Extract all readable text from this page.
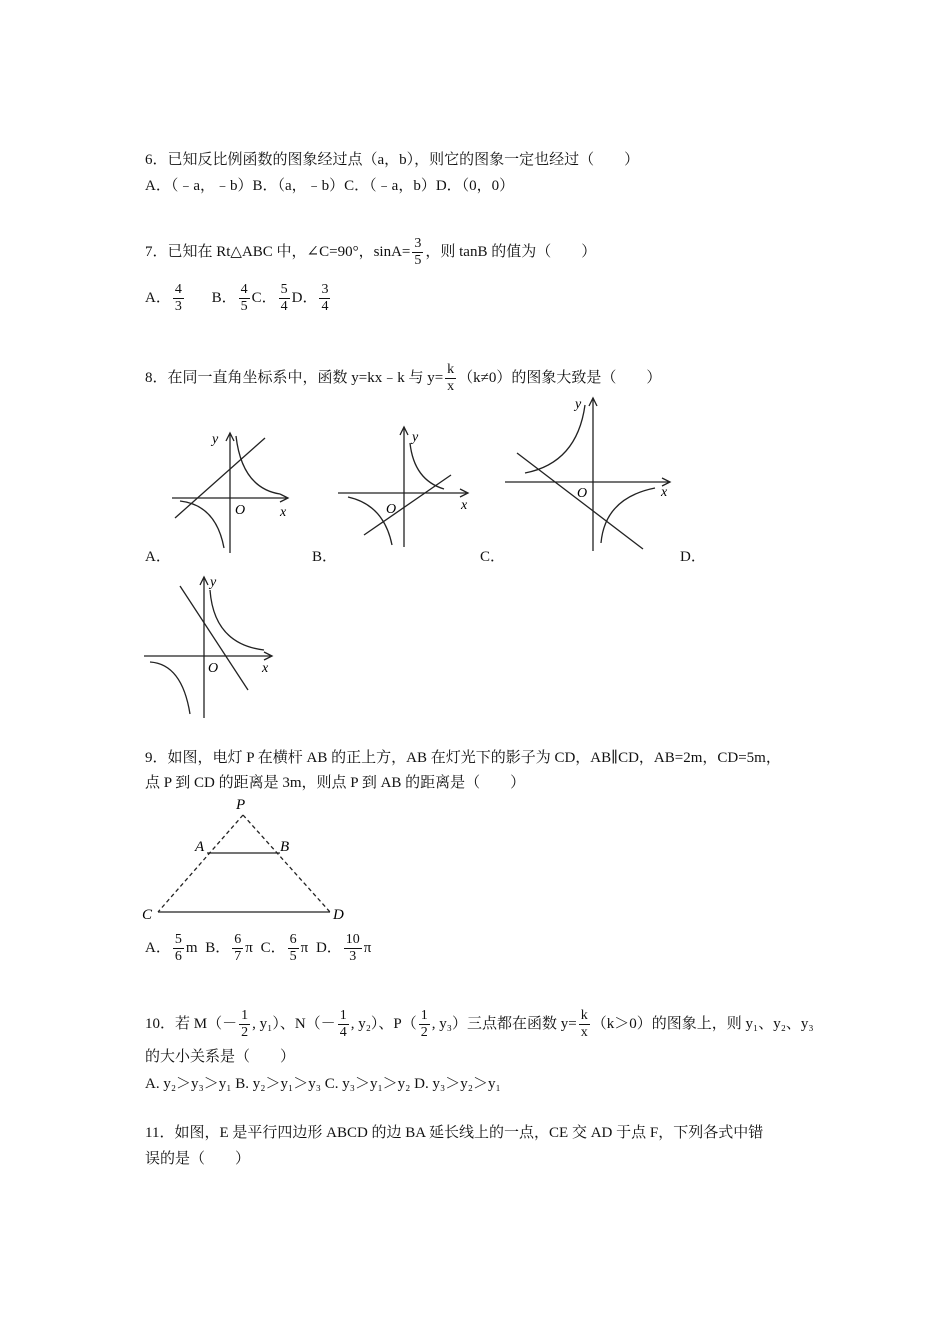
6．已知反比例函数的图象经过点（a，b），则它的图象一定也经过（　　）
A．（﹣a，﹣b）B．（a，﹣b）C．（﹣a，b）D．（0，0）
7．已知在 Rt△ABC 中，∠C=90°，$\sin A= \frac{3}{5}$ ，则 tanB 的值为（　　）
A． $\frac{4}{3}$ B． $\frac{4}{5}$ C． $\frac{5}{4}$ D． $\frac{3}{4}$
8．在同一直角坐标系中，函数 y=kx﹣k 与 $y= \frac{k}{x} (k\ne 0)$的图象大致是（　　）
y
O x
y
O	x
y
O	x
A．	B．	C．	D．
y
O	x
9．如图，电灯 P 在横杆 AB 的正上方，AB 在灯光下的影子为 CD，AB∥CD，AB=2m，CD=5m，
点 P 到 CD 的距离是 3m，则点 P 到 AB 的距离是（　　）
P
A	B
C	D
A． $\frac{5}{6}$ m B． $\frac{6}{7}$ π C． $\frac{6}{5}$ π D． $\frac{10}{3}$ π
10．若 $M(- \frac{1}{2}$ , y₁）、$N(- \frac{1}{4}$ , y₂）、$P( \frac{1}{2}$ , y₃）三点都在函数 $y= \frac{k}{x} (k>0)$的图象上，则 y₁、y₂、y₃
的大小关系是（　　）
A. y₂＞y₃＞y₁ B. y₂＞y₁＞y₃ C. y₃＞y₁＞y₂ D. y₃＞y₂＞y₁
11．如图，E 是平行四边形 ABCD 的边 BA 延长线上的一点，CE 交 AD 于点 F，下列各式中错
误的是（　　）
